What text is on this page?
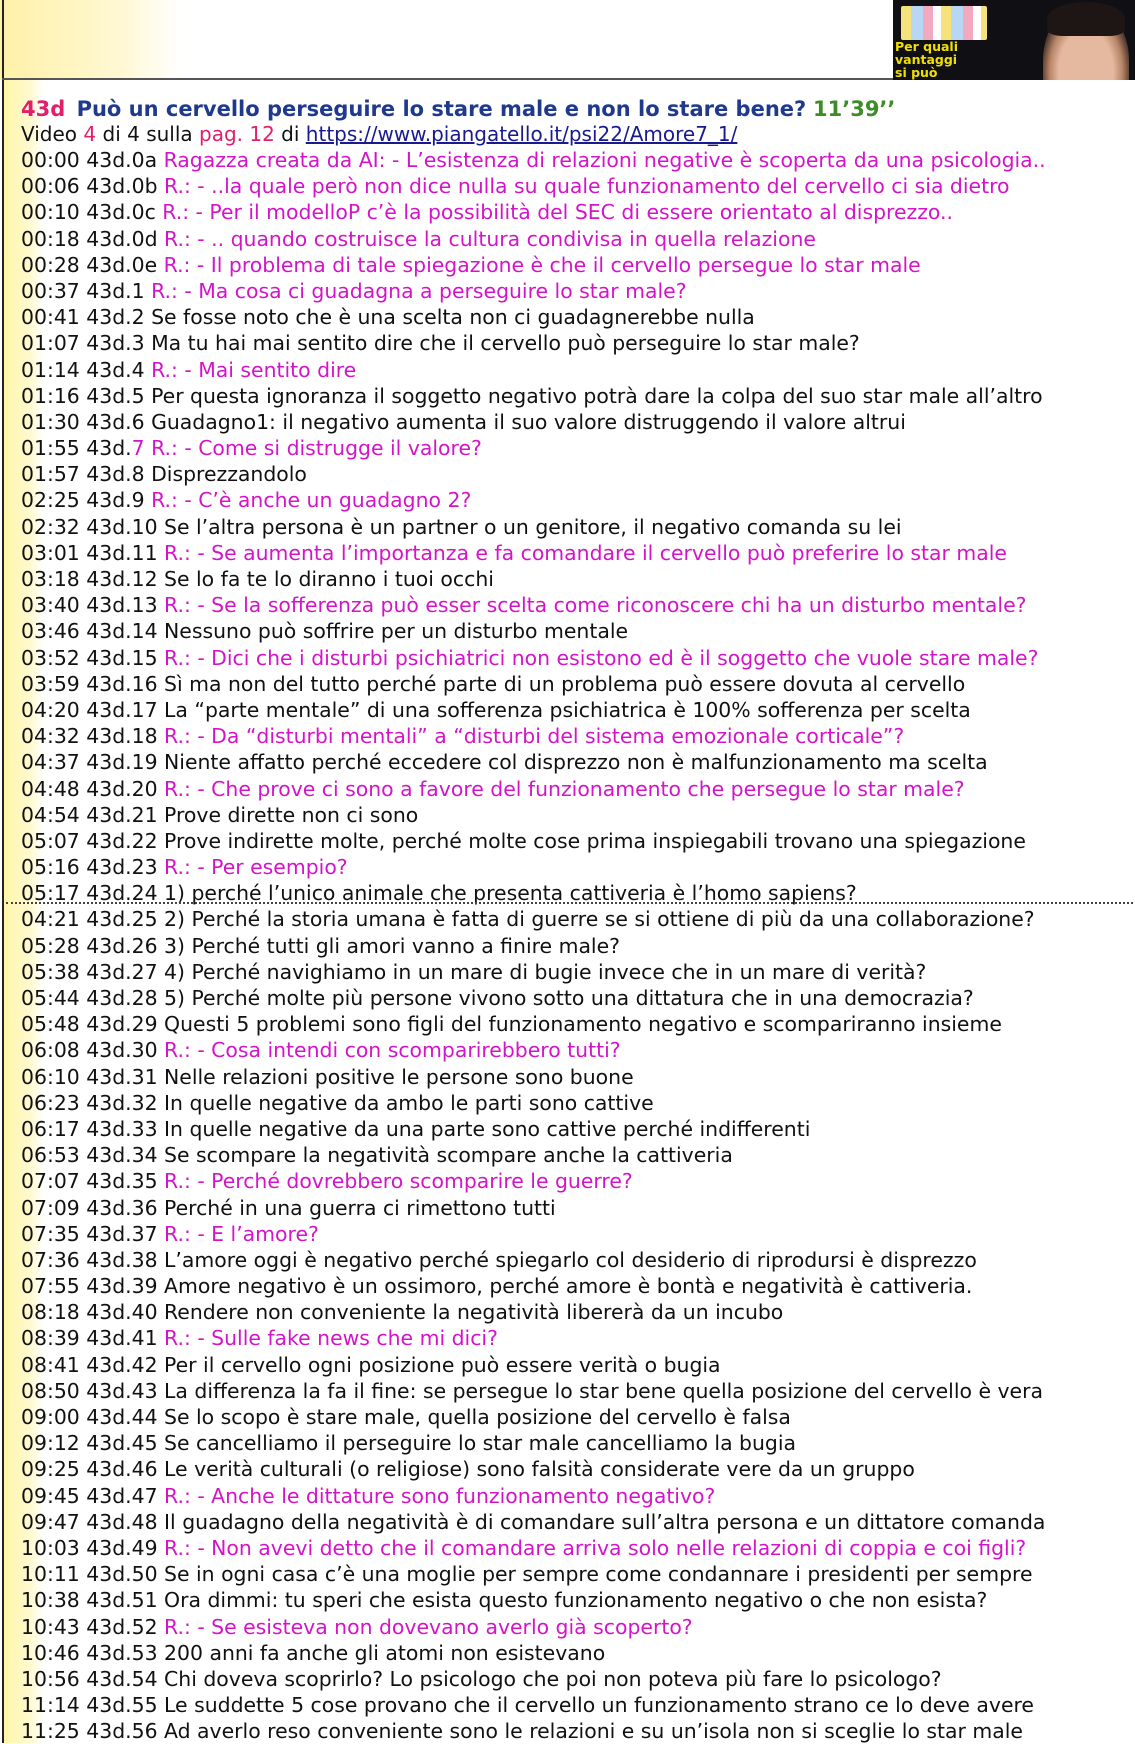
Per quali
vantaggi
si può
43d Può un cervello perseguire lo stare male e non lo stare bene? 11’39’’
Video 4 di 4 sulla pag. 12 di https://www.piangatello.it/psi22/Amore7_1/
00:00 43d.0a Ragazza creata da AI: - L’esistenza di relazioni negative è scoperta da una psicologia..
00:06 43d.0b R.: - ..la quale però non dice nulla su quale funzionamento del cervello ci sia dietro
00:10 43d.0c R.: - Per il modelloP c’è la possibilità del SEC di essere orientato al disprezzo..
00:18 43d.0d R.: - .. quando costruisce la cultura condivisa in quella relazione
00:28 43d.0e R.: - Il problema di tale spiegazione è che il cervello persegue lo star male
00:37 43d.1 R.: - Ma cosa ci guadagna a perseguire lo star male?
00:41 43d.2 Se fosse noto che è una scelta non ci guadagnerebbe nulla
01:07 43d.3 Ma tu hai mai sentito dire che il cervello può perseguire lo star male?
01:14 43d.4 R.: - Mai sentito dire
01:16 43d.5 Per questa ignoranza il soggetto negativo potrà dare la colpa del suo star male all’altro
01:30 43d.6 Guadagno1: il negativo aumenta il suo valore distruggendo il valore altrui
01:55 43d.7 R.: - Come si distrugge il valore?
01:57 43d.8 Disprezzandolo
02:25 43d.9 R.: - C’è anche un guadagno 2?
02:32 43d.10 Se l’altra persona è un partner o un genitore, il negativo comanda su lei
03:01 43d.11 R.: - Se aumenta l’importanza e fa comandare il cervello può preferire lo star male
03:18 43d.12 Se lo fa te lo diranno i tuoi occhi
03:40 43d.13 R.: - Se la sofferenza può esser scelta come riconoscere chi ha un disturbo mentale?
03:46 43d.14 Nessuno può soffrire per un disturbo mentale
03:52 43d.15 R.: - Dici che i disturbi psichiatrici non esistono ed è il soggetto che vuole stare male?
03:59 43d.16 Sì ma non del tutto perché parte di un problema può essere dovuta al cervello
04:20 43d.17 La “parte mentale” di una sofferenza psichiatrica è 100% sofferenza per scelta
04:32 43d.18 R.: - Da “disturbi mentali” a “disturbi del sistema emozionale corticale”?
04:37 43d.19 Niente affatto perché eccedere col disprezzo non è malfunzionamento ma scelta
04:48 43d.20 R.: - Che prove ci sono a favore del funzionamento che persegue lo star male?
04:54 43d.21 Prove dirette non ci sono
05:07 43d.22 Prove indirette molte, perché molte cose prima inspiegabili trovano una spiegazione
05:16 43d.23 R.: - Per esempio?
05:17 43d.24 1) perché l’unico animale che presenta cattiveria è l’homo sapiens?
04:21 43d.25 2) Perché la storia umana è fatta di guerre se si ottiene di più da una collaborazione?
05:28 43d.26 3) Perché tutti gli amori vanno a finire male?
05:38 43d.27 4) Perché navighiamo in un mare di bugie invece che in un mare di verità?
05:44 43d.28 5) Perché molte più persone vivono sotto una dittatura che in una democrazia?
05:48 43d.29 Questi 5 problemi sono figli del funzionamento negativo e scompariranno insieme
06:08 43d.30 R.: - Cosa intendi con scomparirebbero tutti?
06:10 43d.31 Nelle relazioni positive le persone sono buone
06:23 43d.32 In quelle negative da ambo le parti sono cattive
06:17 43d.33 In quelle negative da una parte sono cattive perché indifferenti
06:53 43d.34 Se scompare la negatività scompare anche la cattiveria
07:07 43d.35 R.: - Perché dovrebbero scomparire le guerre?
07:09 43d.36 Perché in una guerra ci rimettono tutti
07:35 43d.37 R.: - E l’amore?
07:36 43d.38 L’amore oggi è negativo perché spiegarlo col desiderio di riprodursi è disprezzo
07:55 43d.39 Amore negativo è un ossimoro, perché amore è bontà e negatività è cattiveria.
08:18 43d.40 Rendere non conveniente la negatività libererà da un incubo
08:39 43d.41 R.: - Sulle fake news che mi dici?
08:41 43d.42 Per il cervello ogni posizione può essere verità o bugia
08:50 43d.43 La differenza la fa il fine: se persegue lo star bene quella posizione del cervello è vera
09:00 43d.44 Se lo scopo è stare male, quella posizione del cervello è falsa
09:12 43d.45 Se cancelliamo il perseguire lo star male cancelliamo la bugia
09:25 43d.46 Le verità culturali (o religiose) sono falsità considerate vere da un gruppo
09:45 43d.47 R.: - Anche le dittature sono funzionamento negativo?
09:47 43d.48 Il guadagno della negatività è di comandare sull’altra persona e un dittatore comanda
10:03 43d.49 R.: - Non avevi detto che il comandare arriva solo nelle relazioni di coppia e coi figli?
10:11 43d.50 Se in ogni casa c’è una moglie per sempre come condannare i presidenti per sempre
10:38 43d.51 Ora dimmi: tu speri che esista questo funzionamento negativo o che non esista?
10:43 43d.52 R.: - Se esisteva non dovevano averlo già scoperto?
10:46 43d.53 200 anni fa anche gli atomi non esistevano
10:56 43d.54 Chi doveva scoprirlo? Lo psicologo che poi non poteva più fare lo psicologo?
11:14 43d.55 Le suddette 5 cose provano che il cervello un funzionamento strano ce lo deve avere
11:25 43d.56 Ad averlo reso conveniente sono le relazioni e su un’isola non si sceglie lo star male
